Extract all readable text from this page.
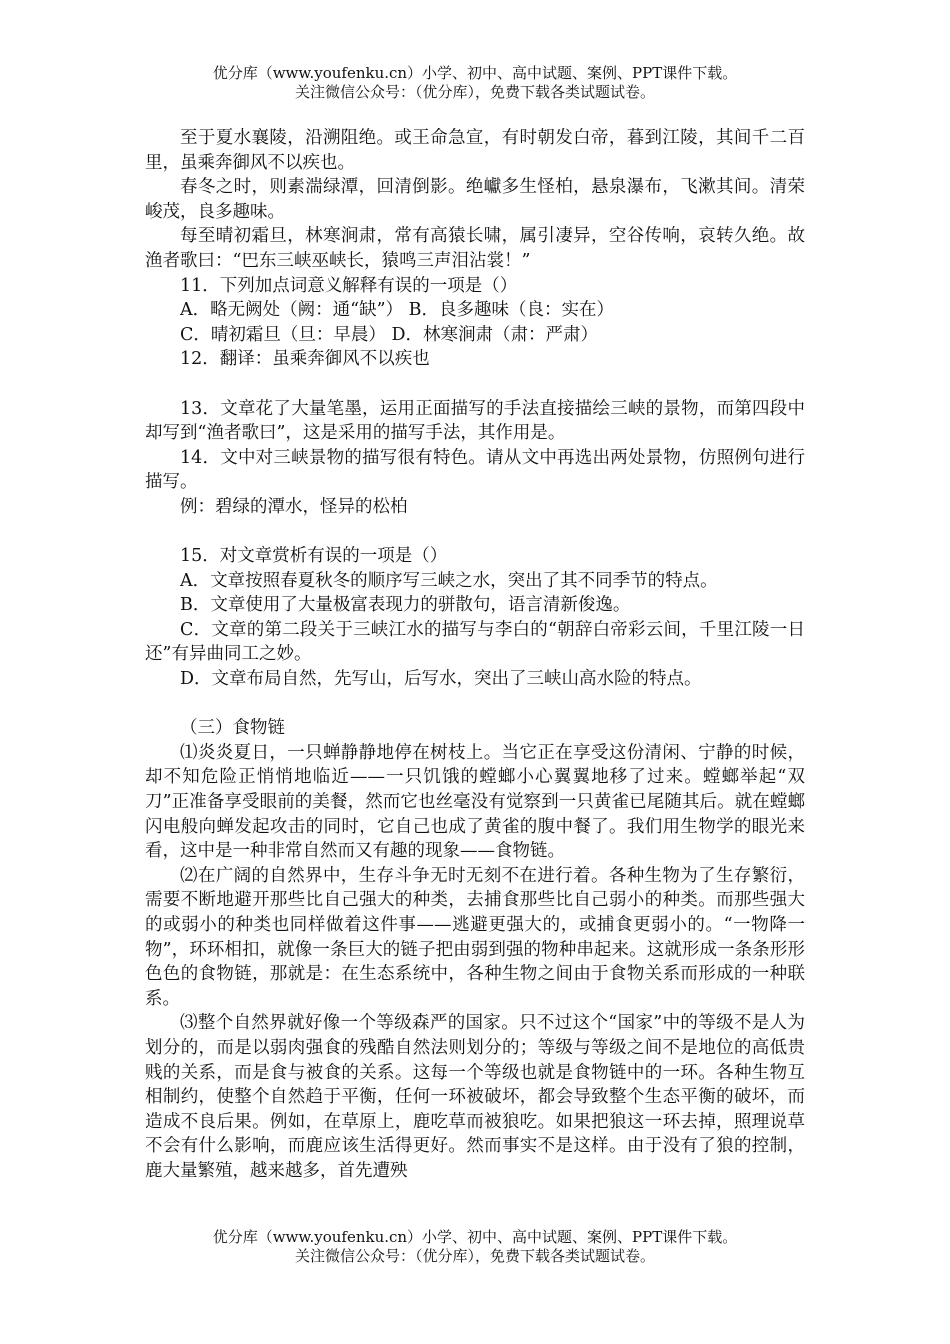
优分库（www.youfenku.cn）小学、初中、高中试题、案例、PPT课件下载。
关注微信公众号：（优分库），免费下载各类试题试卷。

至于夏水襄陵，沿溯阻绝。或王命急宣，有时朝发白帝，暮到江陵，其间千二百里，虽乘奔御风不以疾也。

春冬之时，则素湍绿潭，回清倒影。绝巘多生怪柏，悬泉瀑布，飞漱其间。清荣峻茂，良多趣味。

每至晴初霜旦，林寒涧肃，常有高猿长啸，属引凄异，空谷传响，哀转久绝。故渔者歌曰：“巴东三峡巫峡长，猿鸣三声泪沾裳！”

11．下列加点词意义解释有误的一项是（）

A．略无阙处（阙：通“缺”） B．良多趣味（良：实在）

C．晴初霜旦（旦：早晨） D．林寒涧肃（肃：严肃）

12．翻译：虽乘奔御风不以疾也

13．文章花了大量笔墨，运用正面描写的手法直接描绘三峡的景物，而第四段中却写到“渔者歌曰”，这是采用的描写手法，其作用是。

14．文中对三峡景物的描写很有特色。请从文中再选出两处景物，仿照例句进行描写。

例：碧绿的潭水，怪异的松柏

15．对文章赏析有误的一项是（）

A．文章按照春夏秋冬的顺序写三峡之水，突出了其不同季节的特点。

B．文章使用了大量极富表现力的骈散句，语言清新俊逸。

C．文章的第二段关于三峡江水的描写与李白的“朝辞白帝彩云间，千里江陵一日还”有异曲同工之妙。

D．文章布局自然，先写山，后写水，突出了三峡山高水险的特点。

（三）食物链

⑴炎炎夏日，一只蝉静静地停在树枝上。当它正在享受这份清闲、宁静的时候，却不知危险正悄悄地临近——一只饥饿的螳螂小心翼翼地移了过来。螳螂举起“双刀”正准备享受眼前的美餐，然而它也丝毫没有觉察到一只黄雀已尾随其后。就在螳螂闪电般向蝉发起攻击的同时，它自己也成了黄雀的腹中餐了。我们用生物学的眼光来看，这中是一种非常自然而又有趣的现象——食物链。

⑵在广阔的自然界中，生存斗争无时无刻不在进行着。各种生物为了生存繁衍，需要不断地避开那些比自己强大的种类，去捕食那些比自己弱小的种类。而那些强大的或弱小的种类也同样做着这件事——逃避更强大的，或捕食更弱小的。“一物降一物”，环环相扣，就像一条巨大的链子把由弱到强的物种串起来。这就形成一条条形形色色的食物链，那就是：在生态系统中，各种生物之间由于食物关系而形成的一种联系。

⑶整个自然界就好像一个等级森严的国家。只不过这个“国家”中的等级不是人为划分的，而是以弱肉强食的残酷自然法则划分的；等级与等级之间不是地位的高低贵贱的关系，而是食与被食的关系。这每一个等级也就是食物链中的一环。各种生物互相制约，使整个自然趋于平衡，任何一环被破坏，都会导致整个生态平衡的破坏，而造成不良后果。例如，在草原上，鹿吃草而被狼吃。如果把狼这一环去掉，照理说草不会有什么影响，而鹿应该生活得更好。然而事实不是这样。由于没有了狼的控制，鹿大量繁殖，越来越多，首先遭殃

优分库（www.youfenku.cn）小学、初中、高中试题、案例、PPT课件下载。
关注微信公众号：（优分库），免费下载各类试题试卷。
